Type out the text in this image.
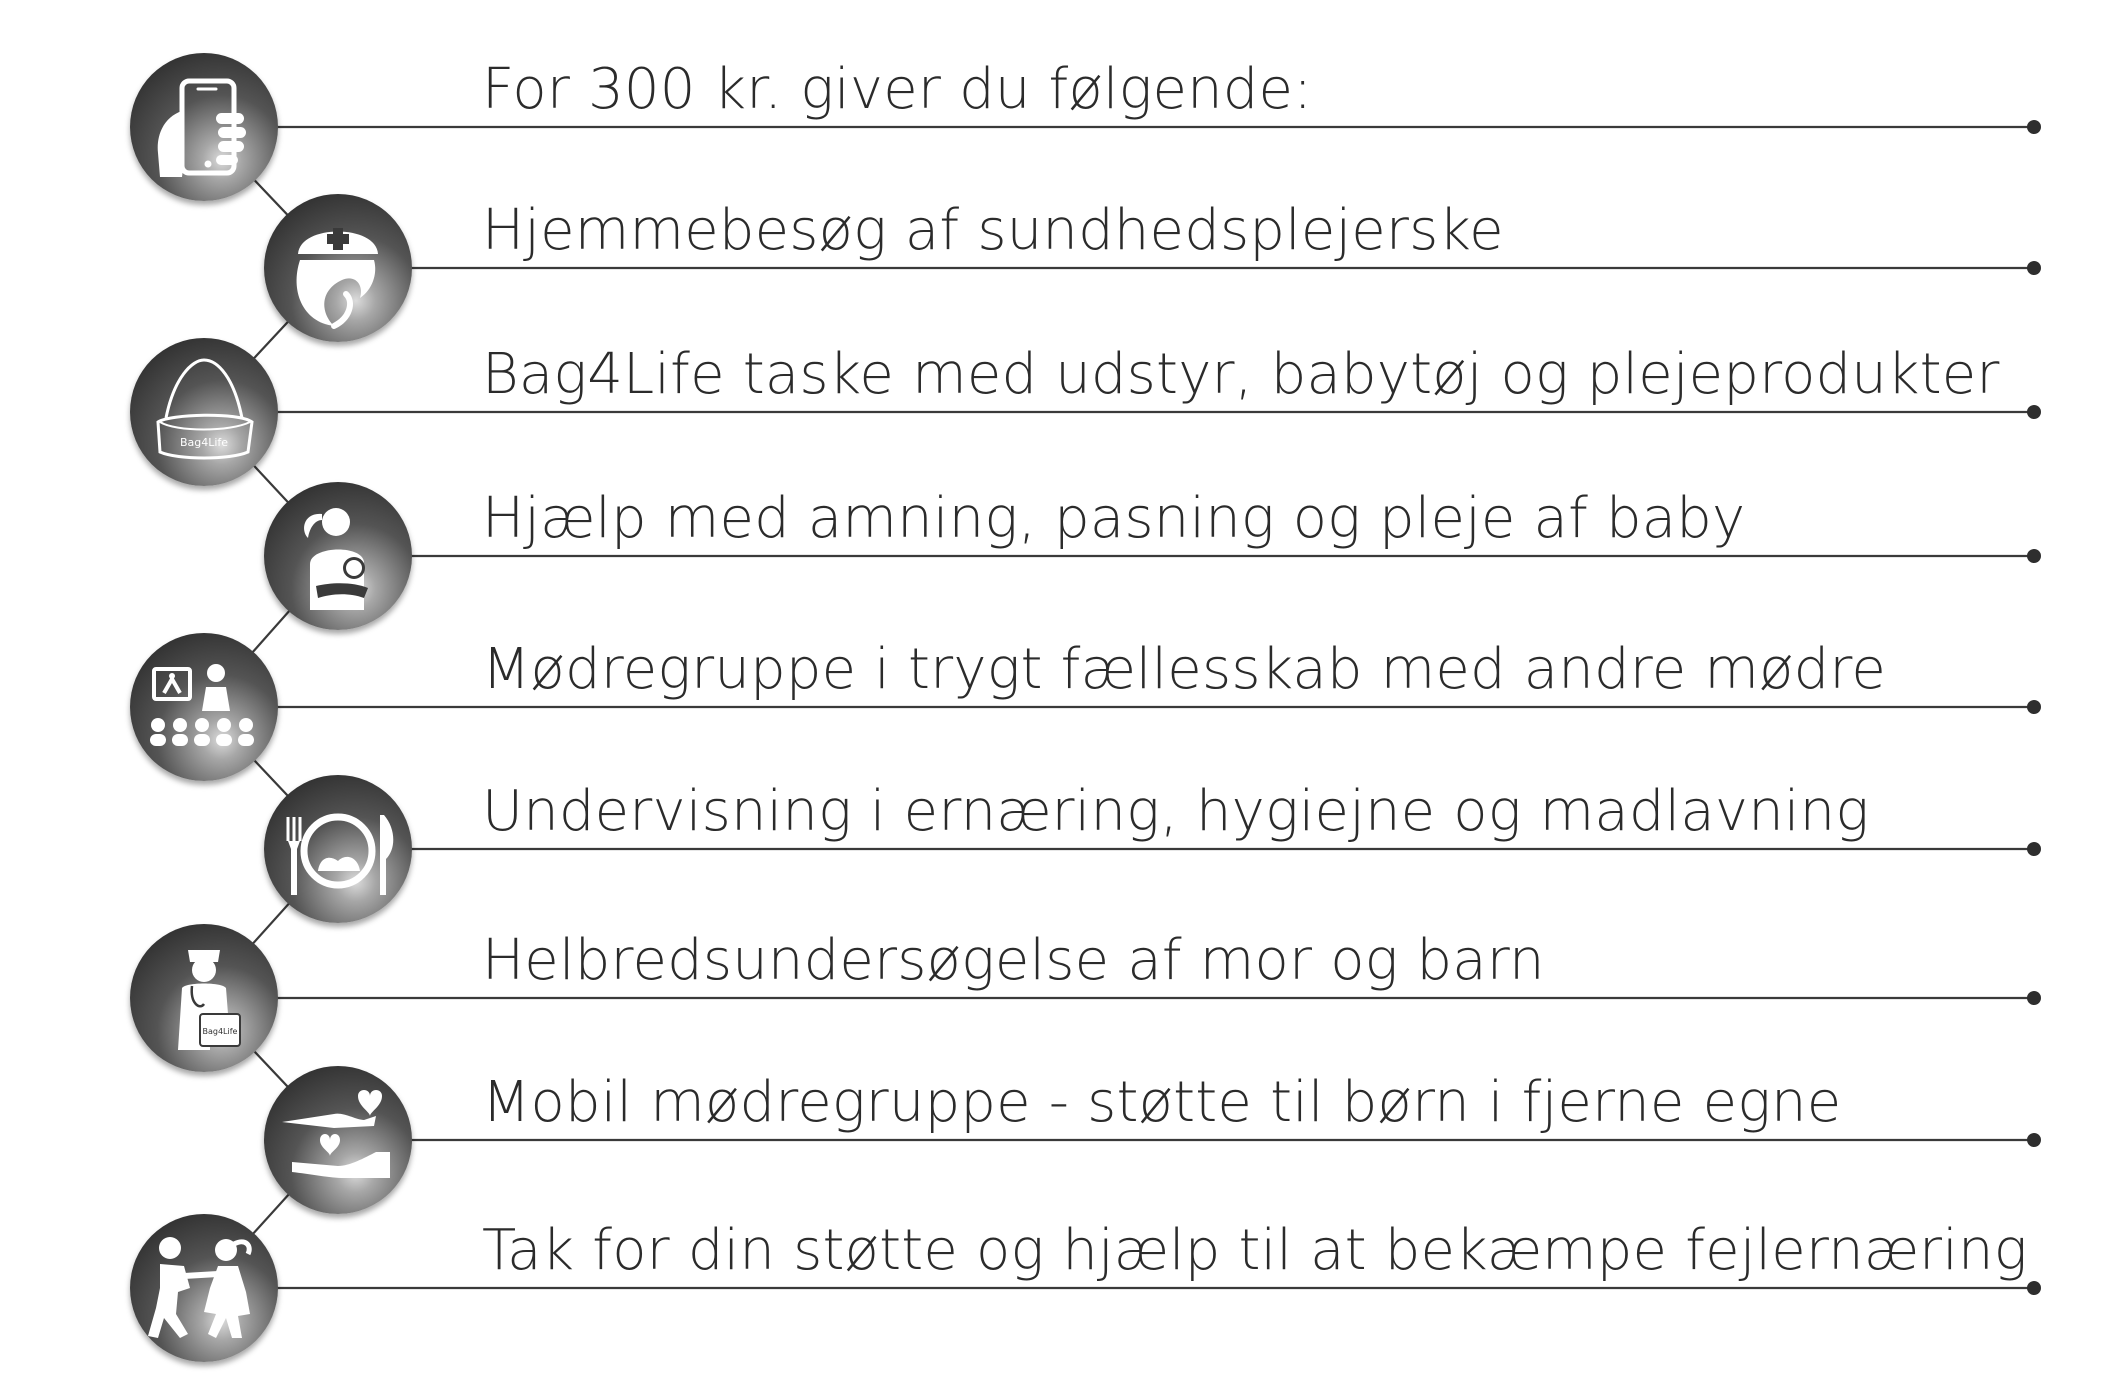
For 300 kr. giver du følgende:

Hjemmebesøg af sundhedsplejerske

Bag4Life taske med udstyr, babytøj og plejeprodukter

Hjælp med amning, pasning og pleje af baby

Mødregruppe i trygt fællesskab med andre mødre

Undervisning i ernæring, hygiejne og madlavning

Helbredsundersøgelse af mor og barn

Mobil mødregruppe - støtte til børn i fjerne egne

Tak for din støtte og hjælp til at bekæmpe fejlernæring

Bag4Life
Bag4Life
